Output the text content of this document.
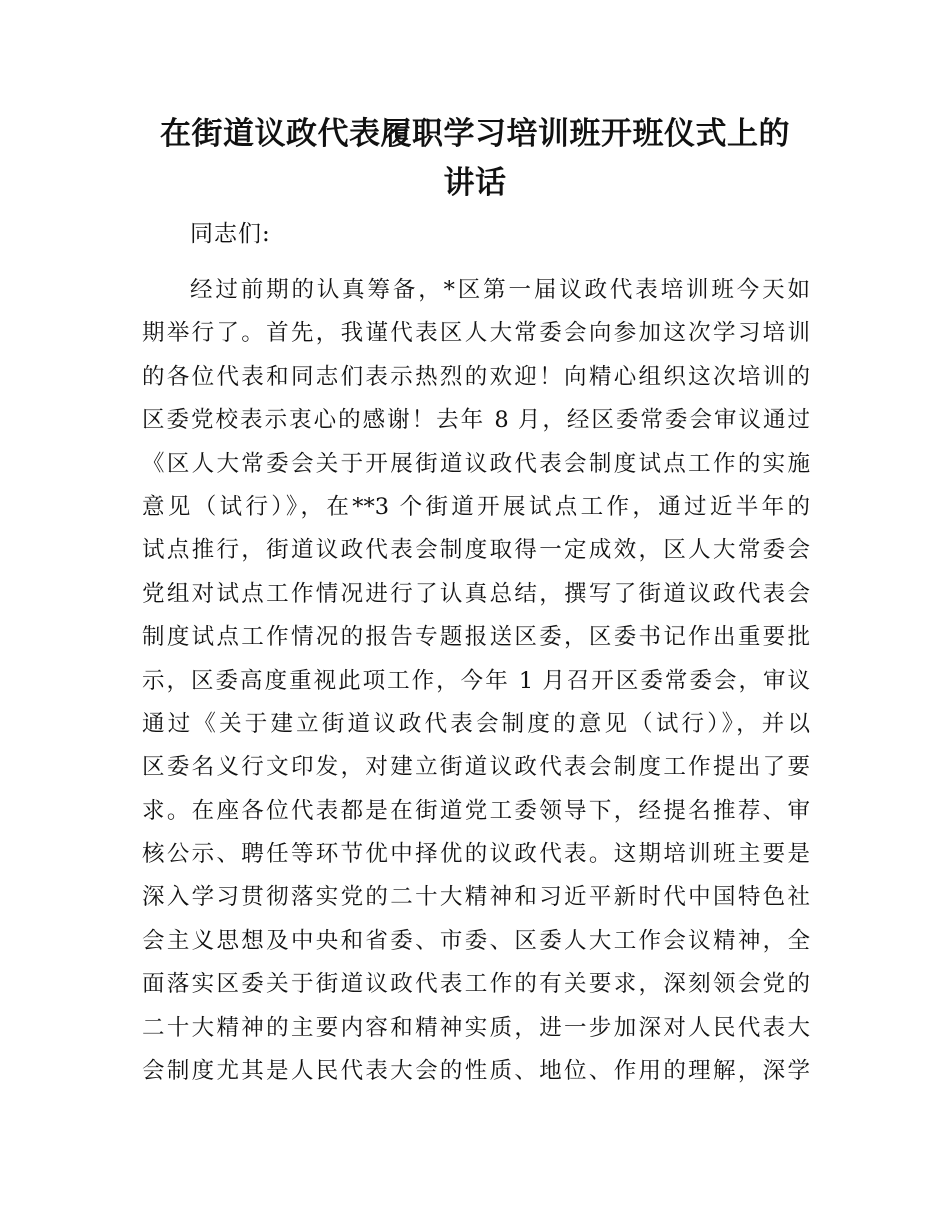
在街道议政代表履职学习培训班开班仪式上的
讲话
同志们:
经过前期的认真筹备，*区第一届议政代表培训班今天如
期举行了。首先，我谨代表区人大常委会向参加这次学习培训
的各位代表和同志们表示热烈的欢迎！向精心组织这次培训的
区委党校表示衷心的感谢！去年 8 月，经区委常委会审议通过
《区人大常委会关于开展街道议政代表会制度试点工作的实施
意见（试行）》，在**3 个街道开展试点工作，通过近半年的
试点推行，街道议政代表会制度取得一定成效，区人大常委会
党组对试点工作情况进行了认真总结，撰写了街道议政代表会
制度试点工作情况的报告专题报送区委，区委书记作出重要批
示，区委高度重视此项工作，今年 1 月召开区委常委会，审议
通过《关于建立街道议政代表会制度的意见（试行）》，并以
区委名义行文印发，对建立街道议政代表会制度工作提出了要
求。在座各位代表都是在街道党工委领导下，经提名推荐、审
核公示、聘任等环节优中择优的议政代表。这期培训班主要是
深入学习贯彻落实党的二十大精神和习近平新时代中国特色社
会主义思想及中央和省委、市委、区委人大工作会议精神，全
面落实区委关于街道议政代表工作的有关要求，深刻领会党的
二十大精神的主要内容和精神实质，进一步加深对人民代表大
会制度尤其是人民代表大会的性质、地位、作用的理解，深学
